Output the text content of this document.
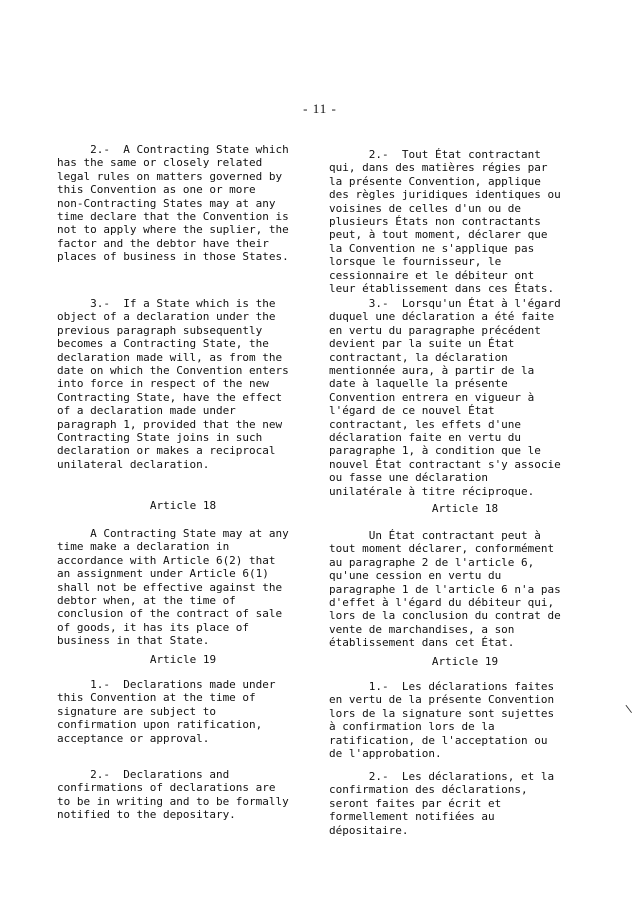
- 11 -
2.-  A Contracting State which
has the same or closely related
legal rules on matters governed by
this Convention as one or more
non-Contracting States may at any
time declare that the Convention is
not to apply where the suplier, the
factor and the debtor have their
places of business in those States.
3.-  If a State which is the
object of a declaration under the
previous paragraph subsequently
becomes a Contracting State, the
declaration made will, as from the
date on which the Convention enters
into force in respect of the new
Contracting State, have the effect
of a declaration made under
paragraph 1, provided that the new
Contracting State joins in such
declaration or makes a reciprocal
unilateral declaration.
Article 18
A Contracting State may at any
time make a declaration in
accordance with Article 6(2) that
an assignment under Article 6(1)
shall not be effective against the
debtor when, at the time of
conclusion of the contract of sale
of goods, it has its place of
business in that State.
Article 19
1.-  Declarations made under
this Convention at the time of
signature are subject to
confirmation upon ratification,
acceptance or approval.
2.-  Declarations and
confirmations of declarations are
to be in writing and to be formally
notified to the depositary.
2.-  Tout État contractant
qui, dans des matières régies par
la présente Convention, applique
des règles juridiques identiques ou
voisines de celles d'un ou de
plusieurs États non contractants
peut, à tout moment, déclarer que
la Convention ne s'applique pas
lorsque le fournisseur, le
cessionnaire et le débiteur ont
leur établissement dans ces États.
3.-  Lorsqu'un État à l'égard
duquel une déclaration a été faite
en vertu du paragraphe précédent
devient par la suite un État
contractant, la déclaration
mentionnée aura, à partir de la
date à laquelle la présente
Convention entrera en vigueur à
l'égard de ce nouvel État
contractant, les effets d'une
déclaration faite en vertu du
paragraphe 1, à condition que le
nouvel État contractant s'y associe
ou fasse une déclaration
unilatérale à titre réciproque.
Article 18
Un État contractant peut à
tout moment déclarer, conformément
au paragraphe 2 de l'article 6,
qu'une cession en vertu du
paragraphe 1 de l'article 6 n'a pas
d'effet à l'égard du débiteur qui,
lors de la conclusion du contrat de
vente de marchandises, a son
établissement dans cet État.
Article 19
1.-  Les déclarations faites
en vertu de la présente Convention
lors de la signature sont sujettes
à confirmation lors de la
ratification, de l'acceptation ou
de l'approbation.
2.-  Les déclarations, et la
confirmation des déclarations,
seront faites par écrit et
formellement notifiées au
dépositaire.
∖
